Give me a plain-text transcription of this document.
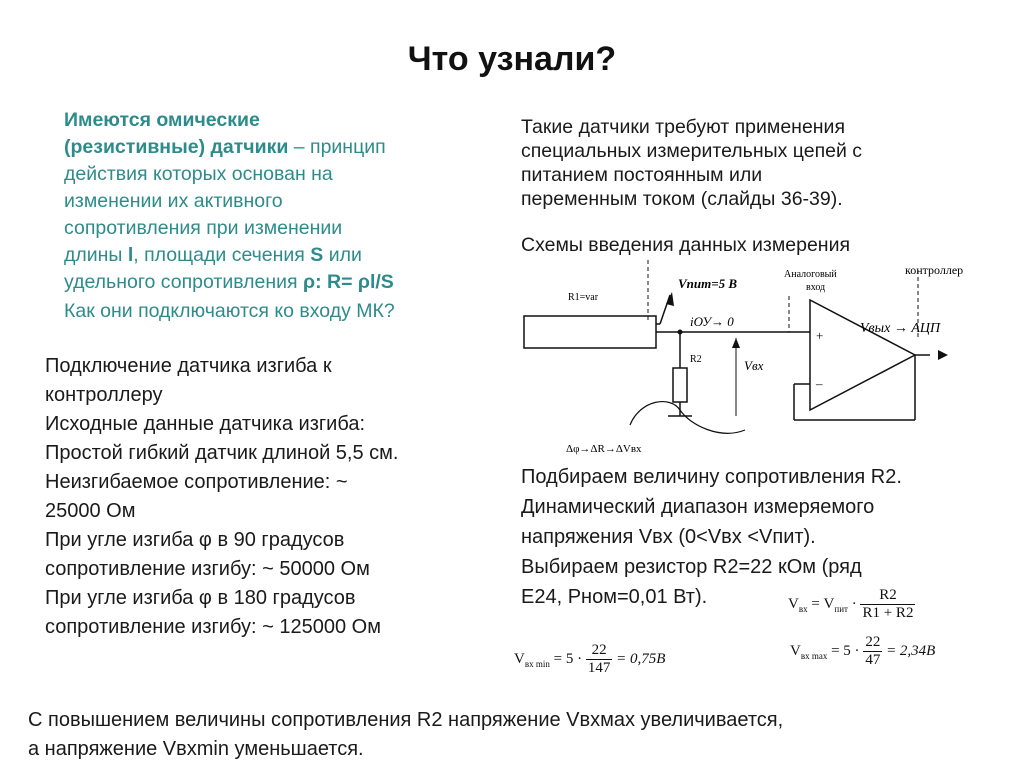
Что узнали?

Имеются омические

(резистивные) датчики – принцип

действия которых основан на

изменении их активного

сопротивления при изменении

длины l, площади сечения S или

удельного сопротивления ρ: R= ρl/S

Как они подключаются ко входу МК?

Подключение датчика изгиба к

контроллеру

Исходные данные датчика изгиба:

Простой гибкий датчик длиной 5,5 см.

Неизгибаемое сопротивление: ~

25000 Ом

При угле изгиба φ в 90 градусов

сопротивление изгибу: ~ 50000 Ом

При угле изгиба φ в 180 градусов

сопротивление изгибу: ~ 125000 Ом

Такие датчики требуют применения

специальных измерительных цепей с

питанием постоянным или

переменным током (слайды 36-39).

Схемы введения данных измерения
R1=var
Vпит=5 В
Аналоговый
вход
контроллер
iОУ→ 0
R2	Vвх
+
–
Vвых → АЦП
Δφ→ΔR→ΔVвх

Подбираем величину сопротивления R2.

Динамический диапазон измеряемого

напряжения Vвх (0<Vвх <Vпит).

Выбираем резистор R2=22 кОм (ряд

Е24, Pном=0,01 Вт).	$V_{вх} = V_{пит} \cdot \frac{R2}{R1 + R2}$
$V_{вх min} = 5 \cdot \frac{22}{147} = 0,75В$	$V_{вх max} = 5 \cdot \frac{22}{47} = 2,34В$

С повышением величины сопротивления R2 напряжение Vвхмах увеличивается,

а напряжение Vвхmin уменьшается.
